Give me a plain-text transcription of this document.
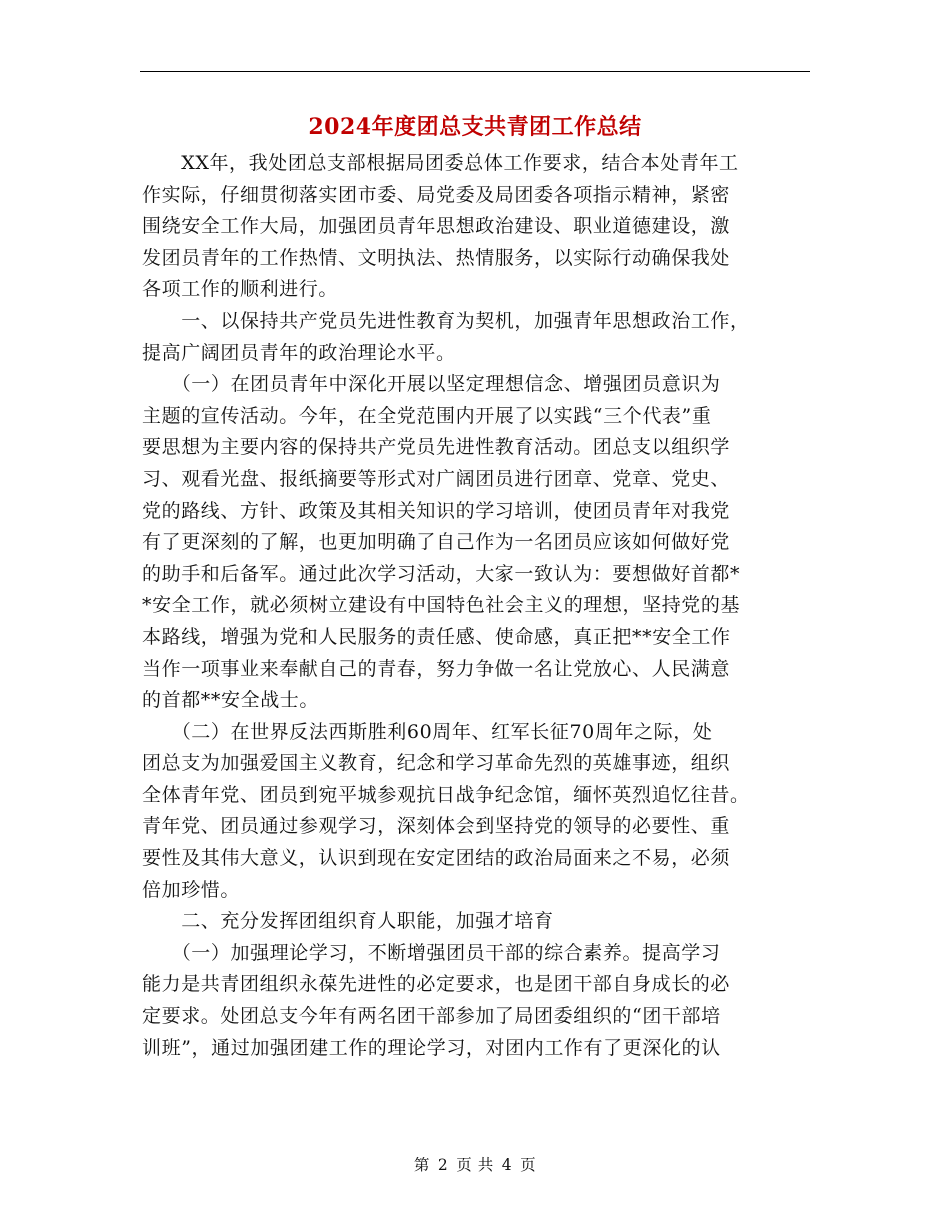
2024年度团总支共青团工作总结

　　XX年，我处团总支部根据局团委总体工作要求，结合本处青年工

作实际，仔细贯彻落实团市委、局党委及局团委各项指示精神，紧密

围绕安全工作大局，加强团员青年思想政治建设、职业道德建设，激

发团员青年的工作热情、文明执法、热情服务，以实际行动确保我处

各项工作的顺利进行。

　　一、以保持共产党员先进性教育为契机，加强青年思想政治工作，

提高广阔团员青年的政治理论水平。

　　（一）在团员青年中深化开展以坚定理想信念、增强团员意识为

主题的宣传活动。今年，在全党范围内开展了以实践“三个代表”重

要思想为主要内容的保持共产党员先进性教育活动。团总支以组织学

习、观看光盘、报纸摘要等形式对广阔团员进行团章、党章、党史、

党的路线、方针、政策及其相关知识的学习培训，使团员青年对我党

有了更深刻的了解，也更加明确了自己作为一名团员应该如何做好党

的助手和后备军。通过此次学习活动，大家一致认为：要想做好首都*

*安全工作，就必须树立建设有中国特色社会主义的理想，坚持党的基

本路线，增强为党和人民服务的责任感、使命感，真正把**安全工作

当作一项事业来奉献自己的青春，努力争做一名让党放心、人民满意

的首都**安全战士。

　　（二）在世界反法西斯胜利60周年、红军长征70周年之际，处

团总支为加强爱国主义教育，纪念和学习革命先烈的英雄事迹，组织

全体青年党、团员到宛平城参观抗日战争纪念馆，缅怀英烈追忆往昔。

青年党、团员通过参观学习，深刻体会到坚持党的领导的必要性、重

要性及其伟大意义，认识到现在安定团结的政治局面来之不易，必须

倍加珍惜。

　　二、充分发挥团组织育人职能，加强才培育

　　（一）加强理论学习，不断增强团员干部的综合素养。提高学习

能力是共青团组织永葆先进性的必定要求，也是团干部自身成长的必

定要求。处团总支今年有两名团干部参加了局团委组织的“团干部培

训班”，通过加强团建工作的理论学习，对团内工作有了更深化的认

第 2 页 共 4 页
